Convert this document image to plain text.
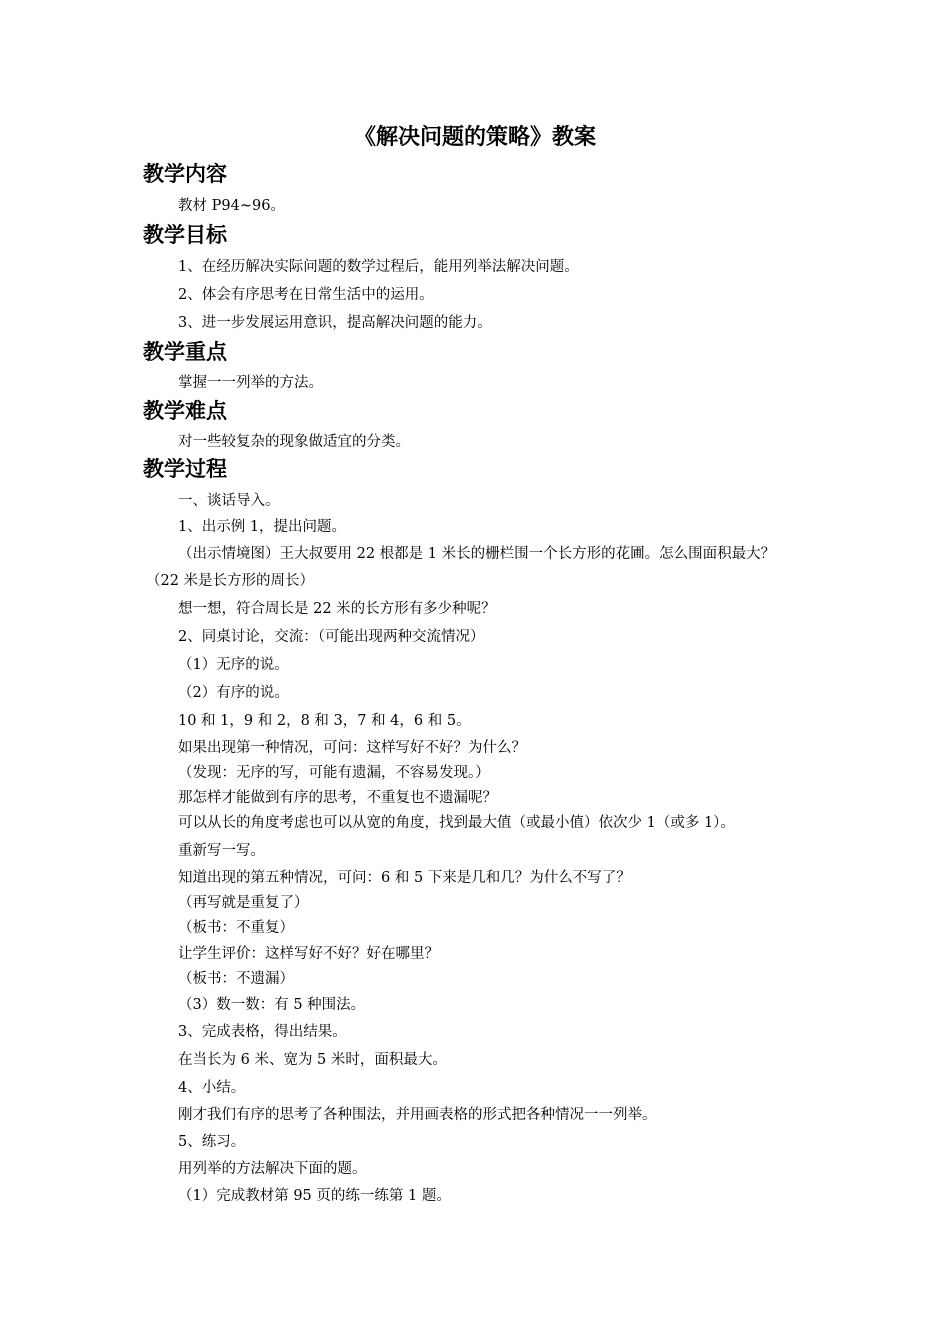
《解决问题的策略》教案
教学内容
教材 P94~96。
教学目标
1、在经历解决实际问题的数学过程后，能用列举法解决问题。
2、体会有序思考在日常生活中的运用。
3、进一步发展运用意识，提高解决问题的能力。
教学重点
掌握一一列举的方法。
教学难点
对一些较复杂的现象做适宜的分类。
教学过程
一、谈话导入。
1、出示例 1，提出问题。
（出示情境图）王大叔要用 22 根都是 1 米长的栅栏围一个长方形的花圃。怎么围面积最大？
（22 米是长方形的周长）
想一想，符合周长是 22 米的长方形有多少种呢？
2、同桌讨论，交流：（可能出现两种交流情况）
（1）无序的说。
（2）有序的说。
10 和 1，9 和 2，8 和 3，7 和 4，6 和 5。
如果出现第一种情况，可问：这样写好不好？为什么？
（发现：无序的写，可能有遗漏，不容易发现。）
那怎样才能做到有序的思考，不重复也不遗漏呢？
可以从长的角度考虑也可以从宽的角度，找到最大值（或最小值）依次少 1（或多 1）。
重新写一写。
知道出现的第五种情况，可问：6 和 5 下来是几和几？为什么不写了？
（再写就是重复了）
（板书：不重复）
让学生评价：这样写好不好？好在哪里？
（板书：不遗漏）
（3）数一数：有 5 种围法。
3、完成表格，得出结果。
在当长为 6 米、宽为 5 米时，面积最大。
4、小结。
刚才我们有序的思考了各种围法，并用画表格的形式把各种情况一一列举。
5、练习。
用列举的方法解决下面的题。
（1）完成教材第 95 页的练一练第 1 题。
